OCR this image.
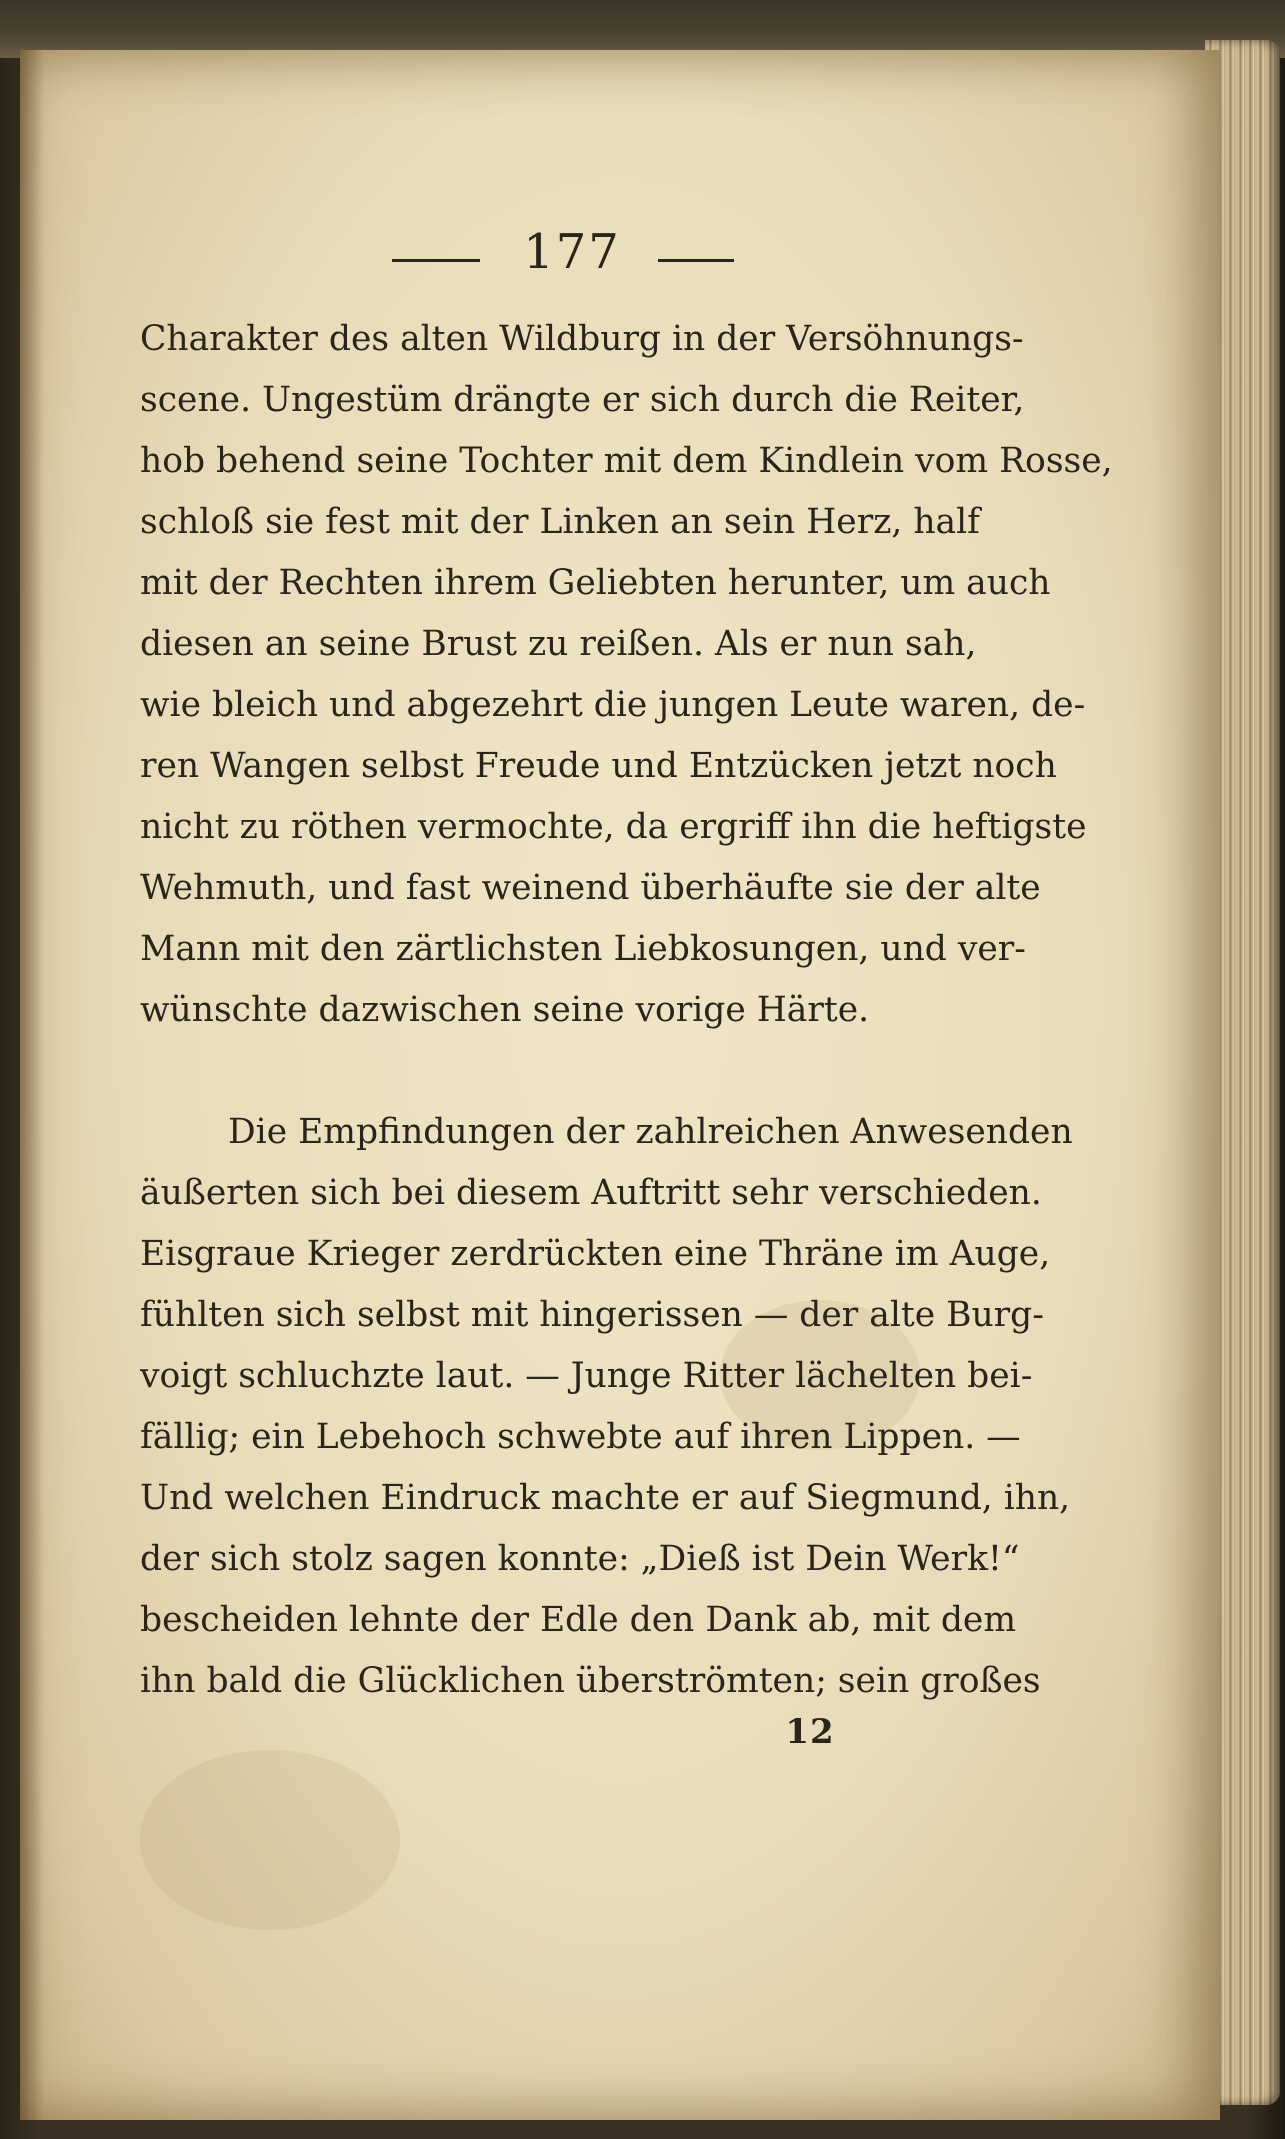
177
Charakter des alten Wildburg in der Versöhnungs-
scene. Ungestüm drängte er sich durch die Reiter,
hob behend seine Tochter mit dem Kindlein vom Rosse,
schloß sie fest mit der Linken an sein Herz, half
mit der Rechten ihrem Geliebten herunter, um auch
diesen an seine Brust zu reißen. Als er nun sah,
wie bleich und abgezehrt die jungen Leute waren, de-
ren Wangen selbst Freude und Entzücken jetzt noch
nicht zu röthen vermochte, da ergriff ihn die heftigste
Wehmuth, und fast weinend überhäufte sie der alte
Mann mit den zärtlichsten Liebkosungen, und ver-
wünschte dazwischen seine vorige Härte.
Die Empfindungen der zahlreichen Anwesenden
äußerten sich bei diesem Auftritt sehr verschieden.
Eisgraue Krieger zerdrückten eine Thräne im Auge,
fühlten sich selbst mit hingerissen — der alte Burg-
voigt schluchzte laut. — Junge Ritter lächelten bei-
fällig; ein Lebehoch schwebte auf ihren Lippen. —
Und welchen Eindruck machte er auf Siegmund, ihn,
der sich stolz sagen konnte: „Dieß ist Dein Werk!“
bescheiden lehnte der Edle den Dank ab, mit dem
ihn bald die Glücklichen überströmten; sein großes
12
